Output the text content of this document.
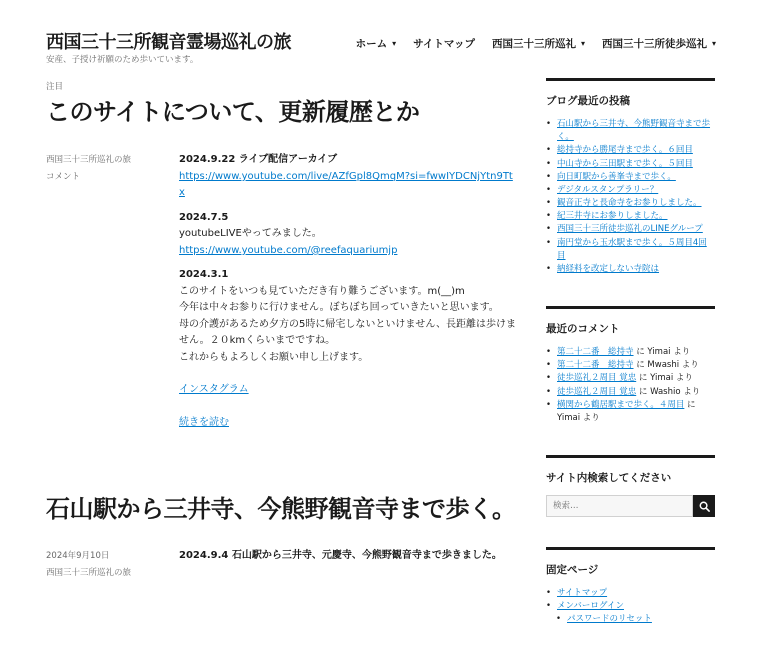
西国三十三所観音霊場巡礼の旅
安産、子授け祈願のため歩いています。
ホーム ▾ サイトマップ 西国三十三所巡礼 ▾ 西国三十三所徒歩巡礼 ▾
注目
このサイトについて、更新履歴とか
西国三十三所巡礼の旅
コメント
2024.9.22 ライブ配信アーカイブ
https://www.youtube.com/live/AZfGpl8QmqM?si=fwwIYDCNjYtn9Ttx
2024.7.5
youtubeLIVEやってみました。https://www.youtube.com/@reefaquariumjp
2024.3.1
このサイトをいつも見ていただき有り難うございます。m(__)m
今年は中々お参りに行けません。ぼちぼち回っていきたいと思います。
母の介護があるため夕方の5時に帰宅しないといけません、長距離は歩けません。２０kmくらいまでですね。
これからもよろしくお願い申し上げます。
インスタグラム
続きを読む
石山駅から三井寺、今熊野観音寺まで歩く。
2024年9月10日
西国三十三所巡礼の旅
2024.9.4 石山駅から三井寺、元慶寺、今熊野観音寺まで歩きました。
ブログ最近の投稿
• 石山駅から三井寺、今熊野観音寺まで歩く。
• 総持寺から勝尾寺まで歩く。６回目
• 中山寺から三田駅まで歩く。５回目
• 向日町駅から善峯寺まで歩く。
• デジタルスタンプラリー？
• 観音正寺と長命寺をお参りしました。
• 紀三井寺にお参りしました。
• 西国三十三所徒歩巡礼のLINEグループ
• 南円堂から玉水駅まで歩く。５周目4回目
• 納経料を改定しない寺院は
最近のコメント
• 第二十二番　総持寺 に Yimai より
• 第二十二番　総持寺 に Mwashi より
• 徒歩巡礼２周目 覚忠 に Yimai より
• 徒歩巡礼２周目 覚忠 に Washio より
• 横関から鶴居駅まで歩く。４周目 に Yimai より
サイト内検索してください
検索…
固定ページ
• サイトマップ
• メンバーログイン
• パスワードのリセット
